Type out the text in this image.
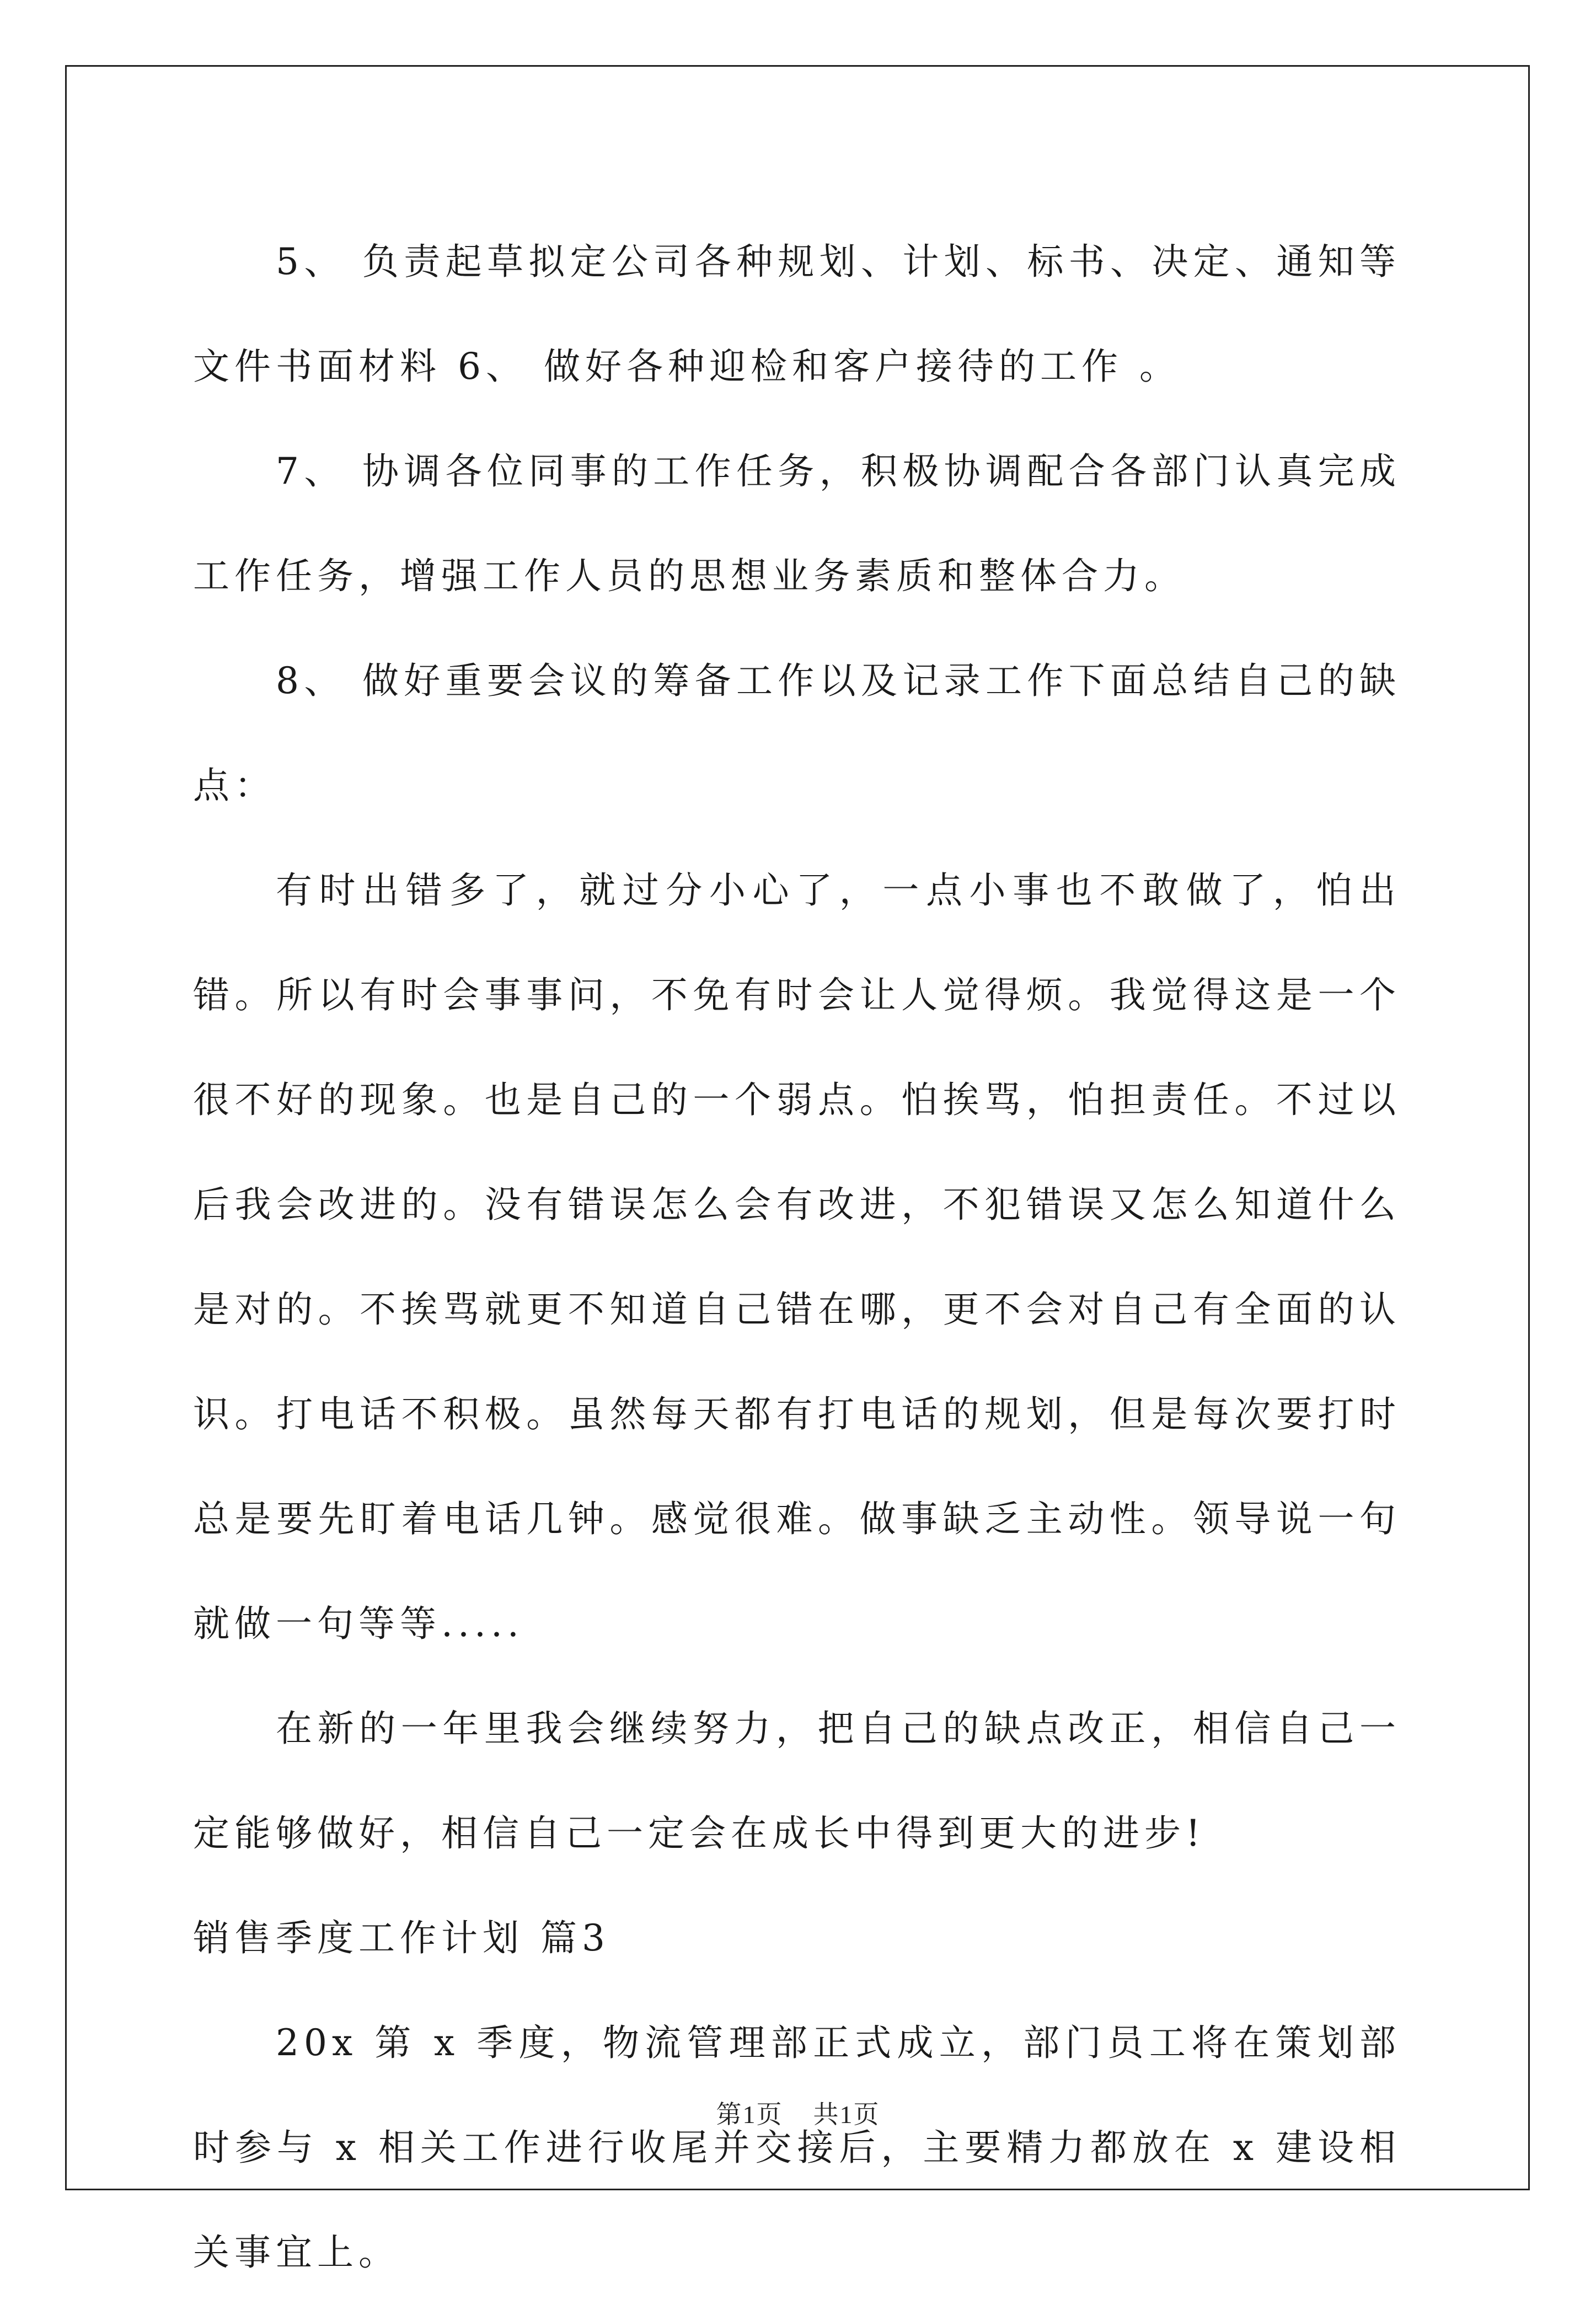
5、 负责起草拟定公司各种规划、计划、标书、决定、通知等文件书面材料 6、 做好各种迎检和客户接待的工作 。

7、 协调各位同事的工作任务，积极协调配合各部门认真完成工作任务，增强工作人员的思想业务素质和整体合力。

8、 做好重要会议的筹备工作以及记录工作下面总结自己的缺点：

有时出错多了，就过分小心了，一点小事也不敢做了，怕出错。所以有时会事事问，不免有时会让人觉得烦。我觉得这是一个很不好的现象。也是自己的一个弱点。怕挨骂，怕担责任。不过以后我会改进的。没有错误怎么会有改进，不犯错误又怎么知道什么是对的。不挨骂就更不知道自己错在哪，更不会对自己有全面的认识。打电话不积极。虽然每天都有打电话的规划，但是每次要打时总是要先盯着电话几钟。感觉很难。做事缺乏主动性。领导说一句就做一句等等.....

在新的一年里我会继续努力，把自己的缺点改正，相信自己一定能够做好，相信自己一定会在成长中得到更大的进步!

销售季度工作计划 篇3

20x 第 x 季度，物流管理部正式成立，部门员工将在策划部时参与 x 相关工作进行收尾并交接后，主要精力都放在 x 建设相关事宜上。

第1页 共1页
